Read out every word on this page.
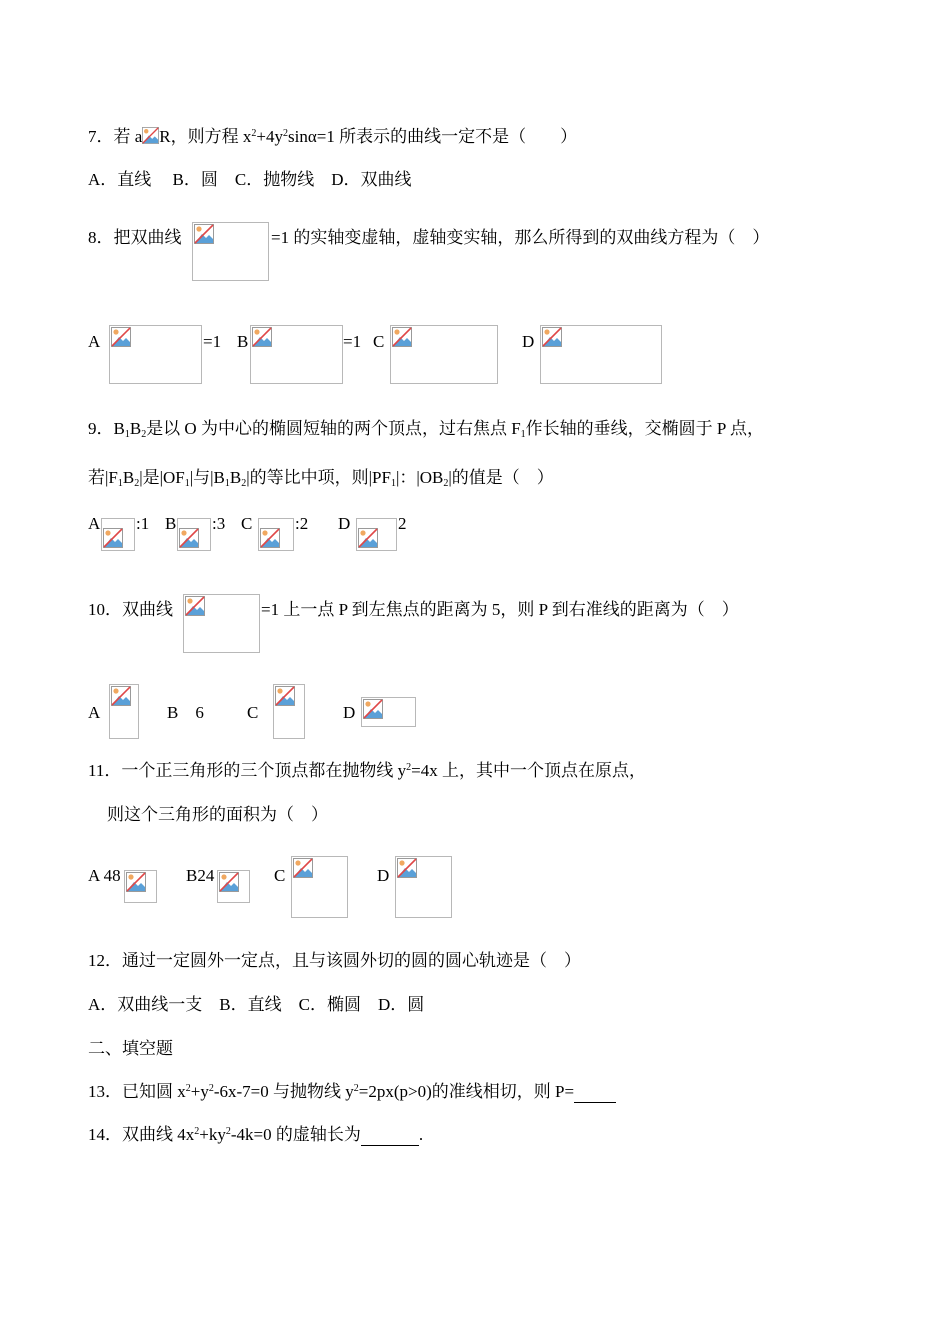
7．若 a R，则方程 $x^2+4y^2\sin\alpha=1$ 所表示的曲线一定不是（　　）
A．直线　 B．圆　C．抛物线　D．双曲线
8．把双曲线	=1 的实轴变虚轴，虚轴变实轴，那么所得到的双曲线方程为（　）
A	=1 B	=1 C	D
9．$B_1B_2$是以 O 为中心的椭圆短轴的两个顶点，过右焦点 $F_1$作长轴的垂线，交椭圆于 P 点，
若$|F_1B_2|$是$|OF_1|$与$|B_1B_2|$的等比中项，则$|PF_1|$：$|OB_2|$的值是（　）
A :1 B :3 C	:2 D	2
10．双曲线	=1 上一点 P 到左焦点的距离为 5，则 P 到右准线的距离为（　）
A	B　6	C	D
11．一个正三角形的三个顶点都在抛物线 $y^2=4x$ 上，其中一个顶点在原点，
则这个三角形的面积为（　）
A 48	B24	C	D
12．通过一定圆外一定点，且与该圆外切的圆的圆心轨迹是（　）
A．双曲线一支　B．直线　C．椭圆　D．圆
二、填空题
13．已知圆 $x^2+y^2-6x-7=0$ 与抛物线 $y^2=2px(p>0)$的准线相切，则 P=
14．双曲线 $4x^2+ky^2-4k=0$ 的虚轴长为	.
